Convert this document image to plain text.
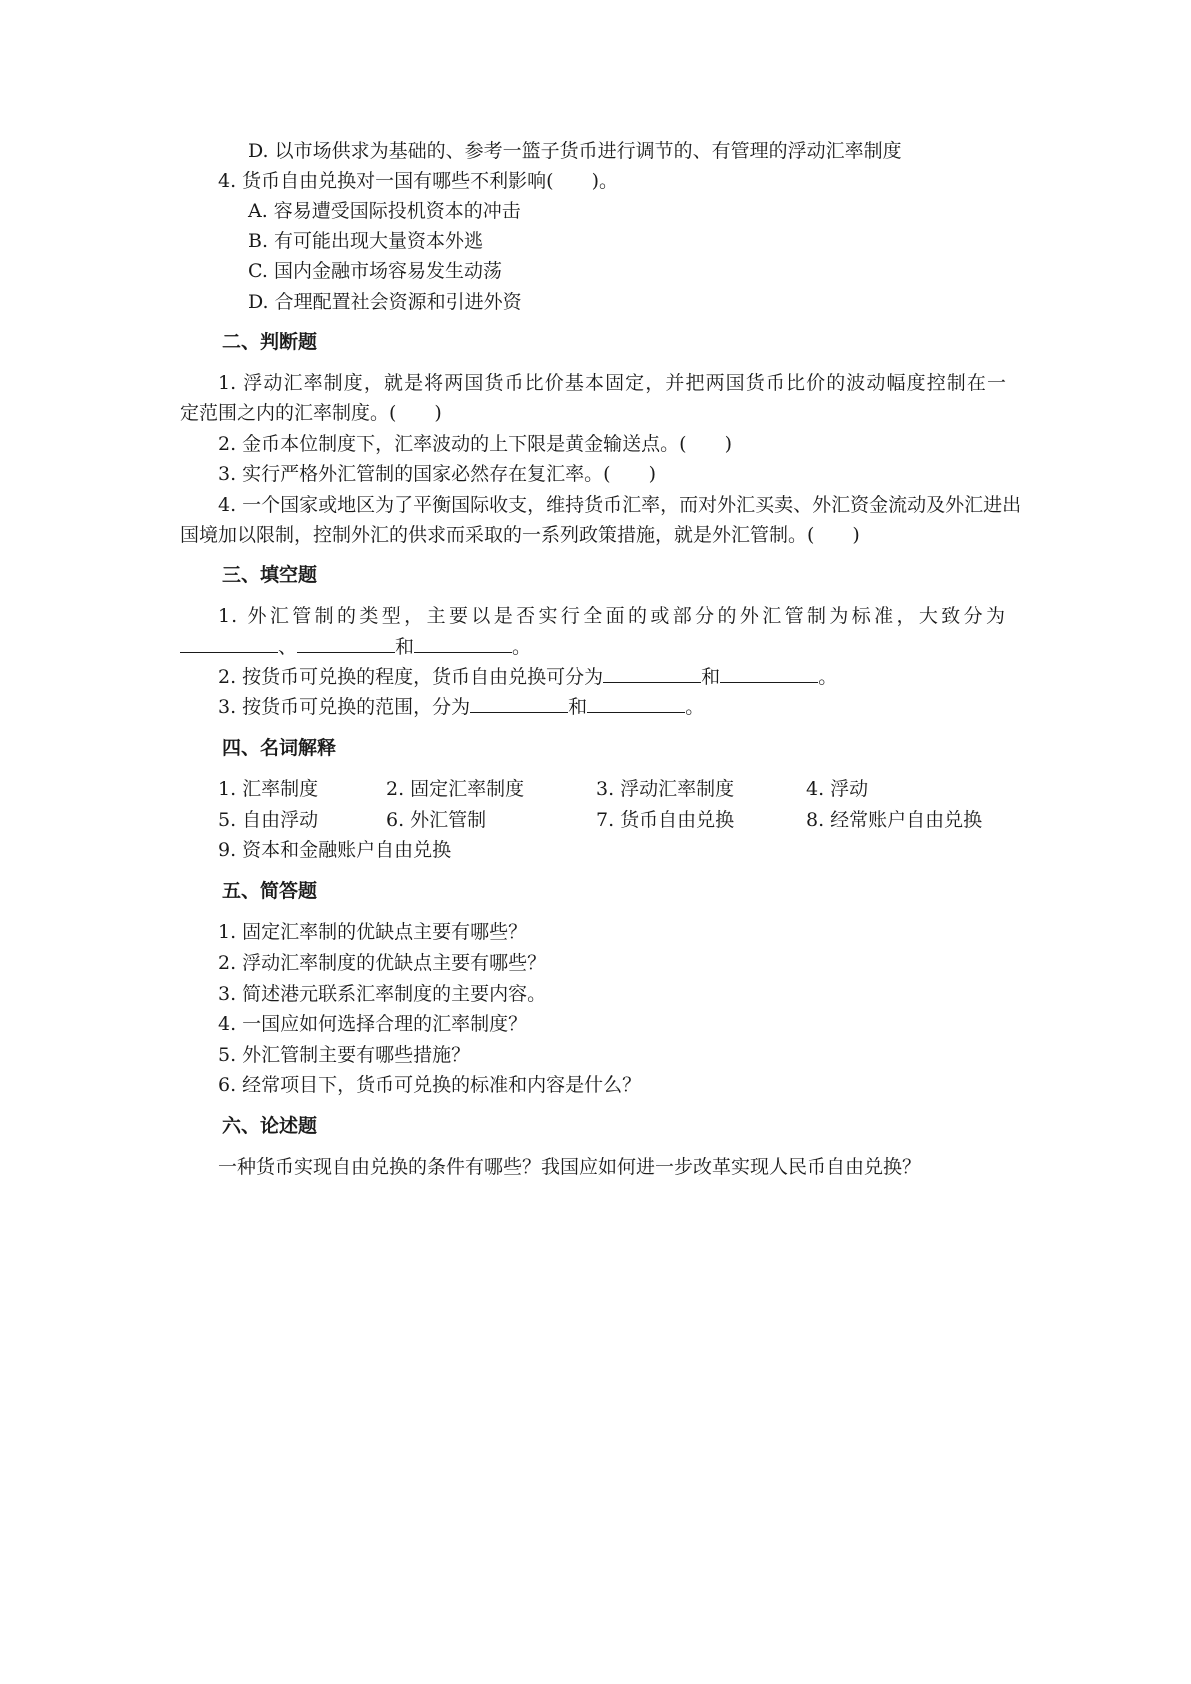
D. 以市场供求为基础的、参考一篮子货币进行调节的、有管理的浮动汇率制度
4. 货币自由兑换对一国有哪些不利影响(　　)。
A. 容易遭受国际投机资本的冲击
B. 有可能出现大量资本外逃
C. 国内金融市场容易发生动荡
D. 合理配置社会资源和引进外资
二、判断题
1. 浮动汇率制度，就是将两国货币比价基本固定，并把两国货币比价的波动幅度控制在一
定范围之内的汇率制度。(　　)
2. 金币本位制度下，汇率波动的上下限是黄金输送点。(　　)
3. 实行严格外汇管制的国家必然存在复汇率。(　　)
4. 一个国家或地区为了平衡国际收支，维持货币汇率，而对外汇买卖、外汇资金流动及外汇进出
国境加以限制，控制外汇的供求而采取的一系列政策措施，就是外汇管制。(　　)
三、填空题
1. 外汇管制的类型，主要以是否实行全面的或部分的外汇管制为标准，大致分为
、	和	。
2. 按货币可兑换的程度，货币自由兑换可分为	和	。
3. 按货币可兑换的范围，分为	和	。
四、名词解释
1. 汇率制度	2. 固定汇率制度	3. 浮动汇率制度	4. 浮动
5. 自由浮动	6. 外汇管制	7. 货币自由兑换	8. 经常账户自由兑换
9. 资本和金融账户自由兑换
五、简答题
1. 固定汇率制的优缺点主要有哪些？
2. 浮动汇率制度的优缺点主要有哪些？
3. 简述港元联系汇率制度的主要内容。
4. 一国应如何选择合理的汇率制度？
5. 外汇管制主要有哪些措施？
6. 经常项目下，货币可兑换的标准和内容是什么？
六、论述题
一种货币实现自由兑换的条件有哪些？我国应如何进一步改革实现人民币自由兑换？
